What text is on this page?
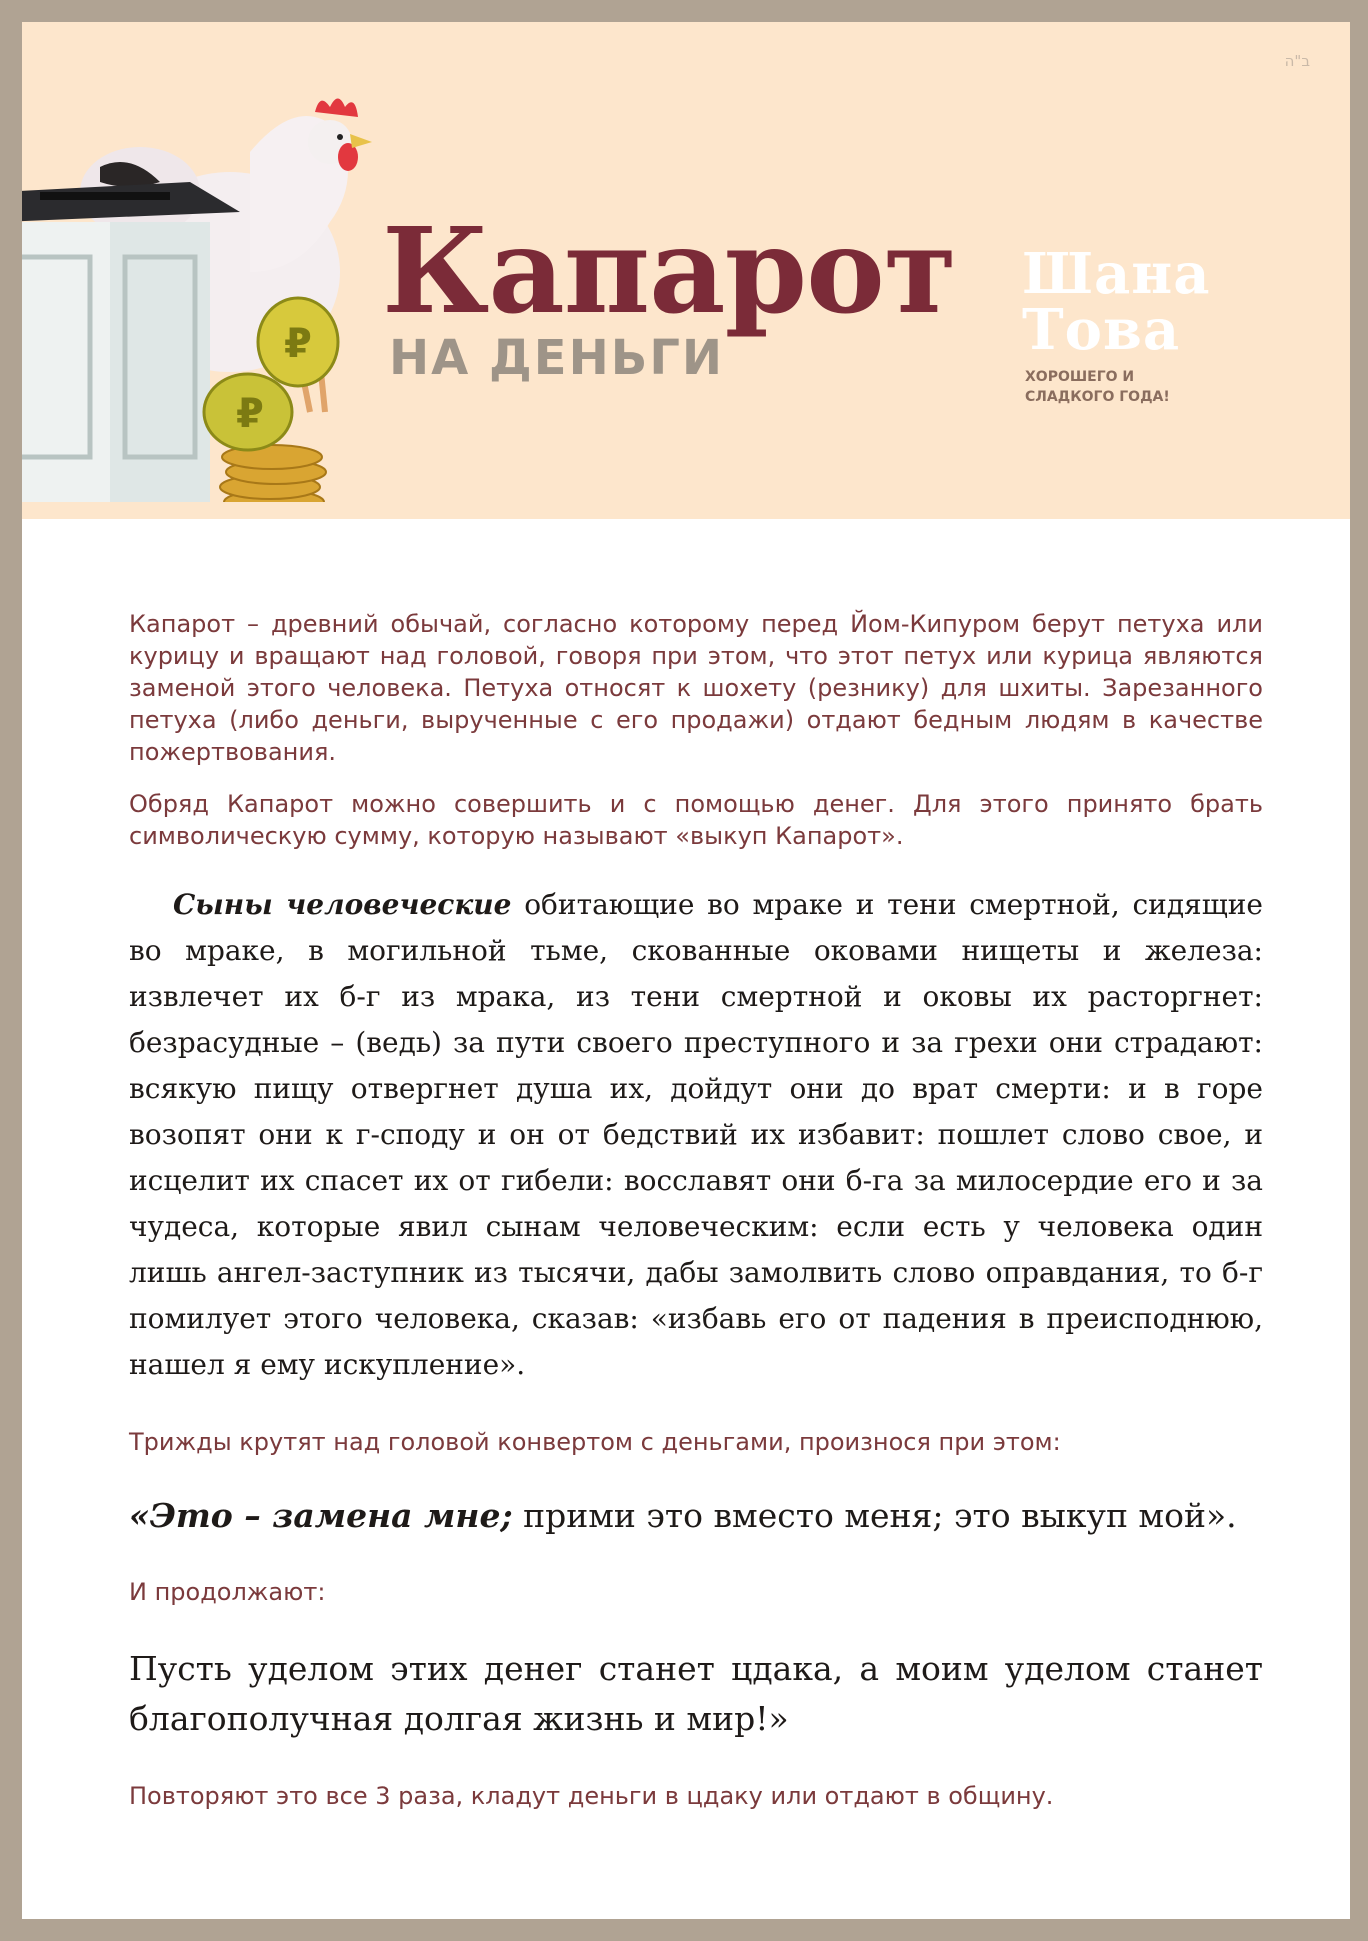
ב"ה
₽
₽
Капарот
НА ДЕНЬГИ
Шана Това
ХОРОШЕГО И
СЛАДКОГО ГОДА!

Капарот – древний обычай, согласно которому перед Йом-Кипуром берут петуха или курицу и вращают над головой, говоря при этом, что этот петух или курица являются заменой этого человека. Петуха относят к шохету (резнику) для шхиты. Зарезанного петуха (либо деньги, вырученные с его продажи) отдают бедным людям в качестве пожертвования.

Обряд Капарот можно совершить и с помощью денег. Для этого принято брать символическую сумму, которую называют «выкуп Капарот».

Сыны человеческие обитающие во мраке и тени смертной, сидящие во мраке, в могильной тьме, скованные оковами нищеты и железа: извлечет их б-г из мрака, из тени смертной и оковы их расторгнет: безрасудные – (ведь) за пути своего преступного и за грехи они страдают: всякую пищу отвергнет душа их, дойдут они до врат смерти: и в горе возопят они к г-споду и он от бедствий их избавит: пошлет слово свое, и исцелит их спасет их от гибели: восславят они б-га за милосердие его и за чудеса, которые явил сынам человеческим: если есть у человека один лишь ангел-заступник из тысячи, дабы замолвить слово оправдания, то б-г помилует этого человека, сказав: «избавь его от падения в преисподнюю, нашел я ему искупление».

Трижды крутят над головой конвертом с деньгами, произнося при этом:

«Это – замена мне; прими это вместо меня; это выкуп мой».

И продолжают:

Пусть уделом этих денег станет цдака, а моим уделом станет благополучная долгая жизнь и мир!»

Повторяют это все 3 раза, кладут деньги в цдаку или отдают в общину.
